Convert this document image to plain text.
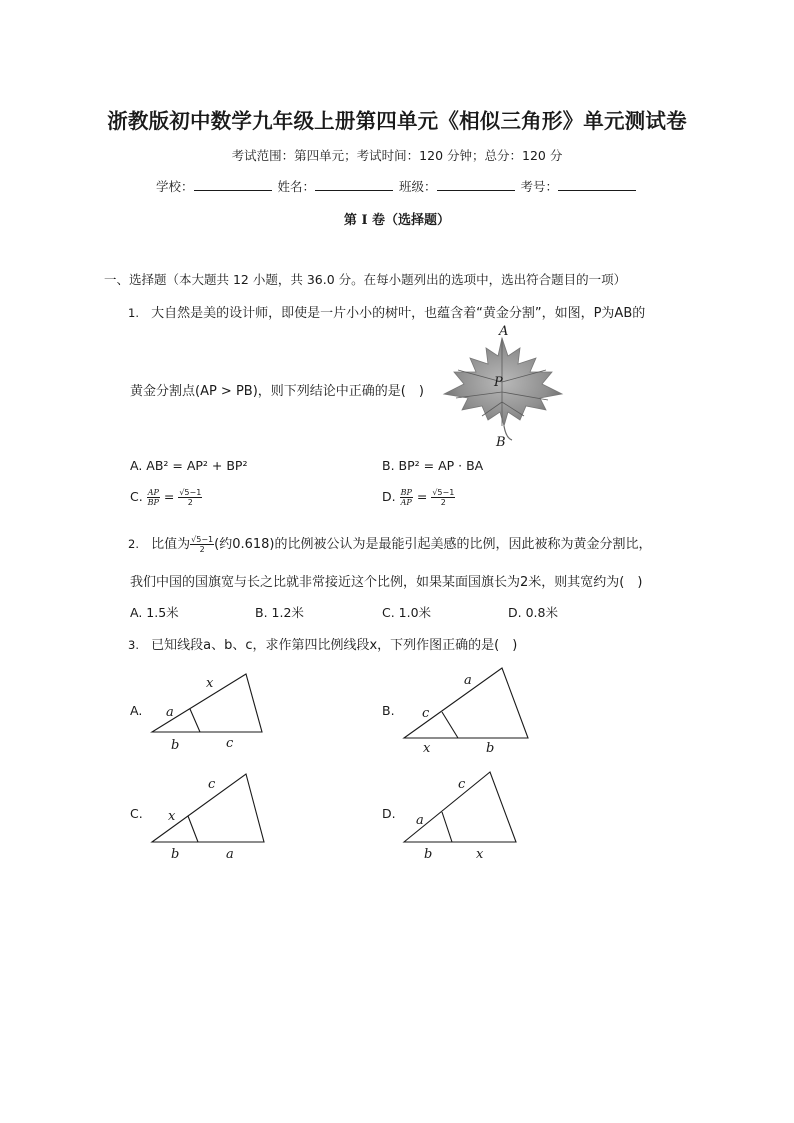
浙教版初中数学九年级上册第四单元《相似三角形》单元测试卷
考试范围：第四单元；考试时间：120 分钟；总分：120 分
学校：	姓名：	班级：	考号：
第 I 卷（选择题）
一、选择题（本大题共 12 小题，共 36.0 分。在每小题列出的选项中，选出符合题目的一项）
1. 大自然是美的设计师，即使是一片小小的树叶，也蕴含着“黄金分割”，如图，P为AB的
黄金分割点(AP > PB)，则下列结论中正确的是(　)
A
P
B
A. AB² = AP² + BP²	B. BP² = AP · BA
C. $\frac{AP}{BP} = \frac{√5-1}{2}$	D. $\frac{BP}{AP} = \frac{√5-1}{2}$
2. 比值为 $\frac{√5-1}{2}$ (约0.618)的比例被公认为是最能引起美感的比例，因此被称为黄金分割比，
我们中国的国旗宽与长之比就非常接近这个比例，如果某面国旗长为2米，则其宽约为(　)
A. 1.5米	B. 1.2米	C. 1.0米	D. 0.8米
3. 已知线段a、b、c，求作第四比例线段x，下列作图正确的是(　)
A.
x
a
b	c
B.
a
c
x	b
C.
c
x
b	a
D.
c
a
b	x
